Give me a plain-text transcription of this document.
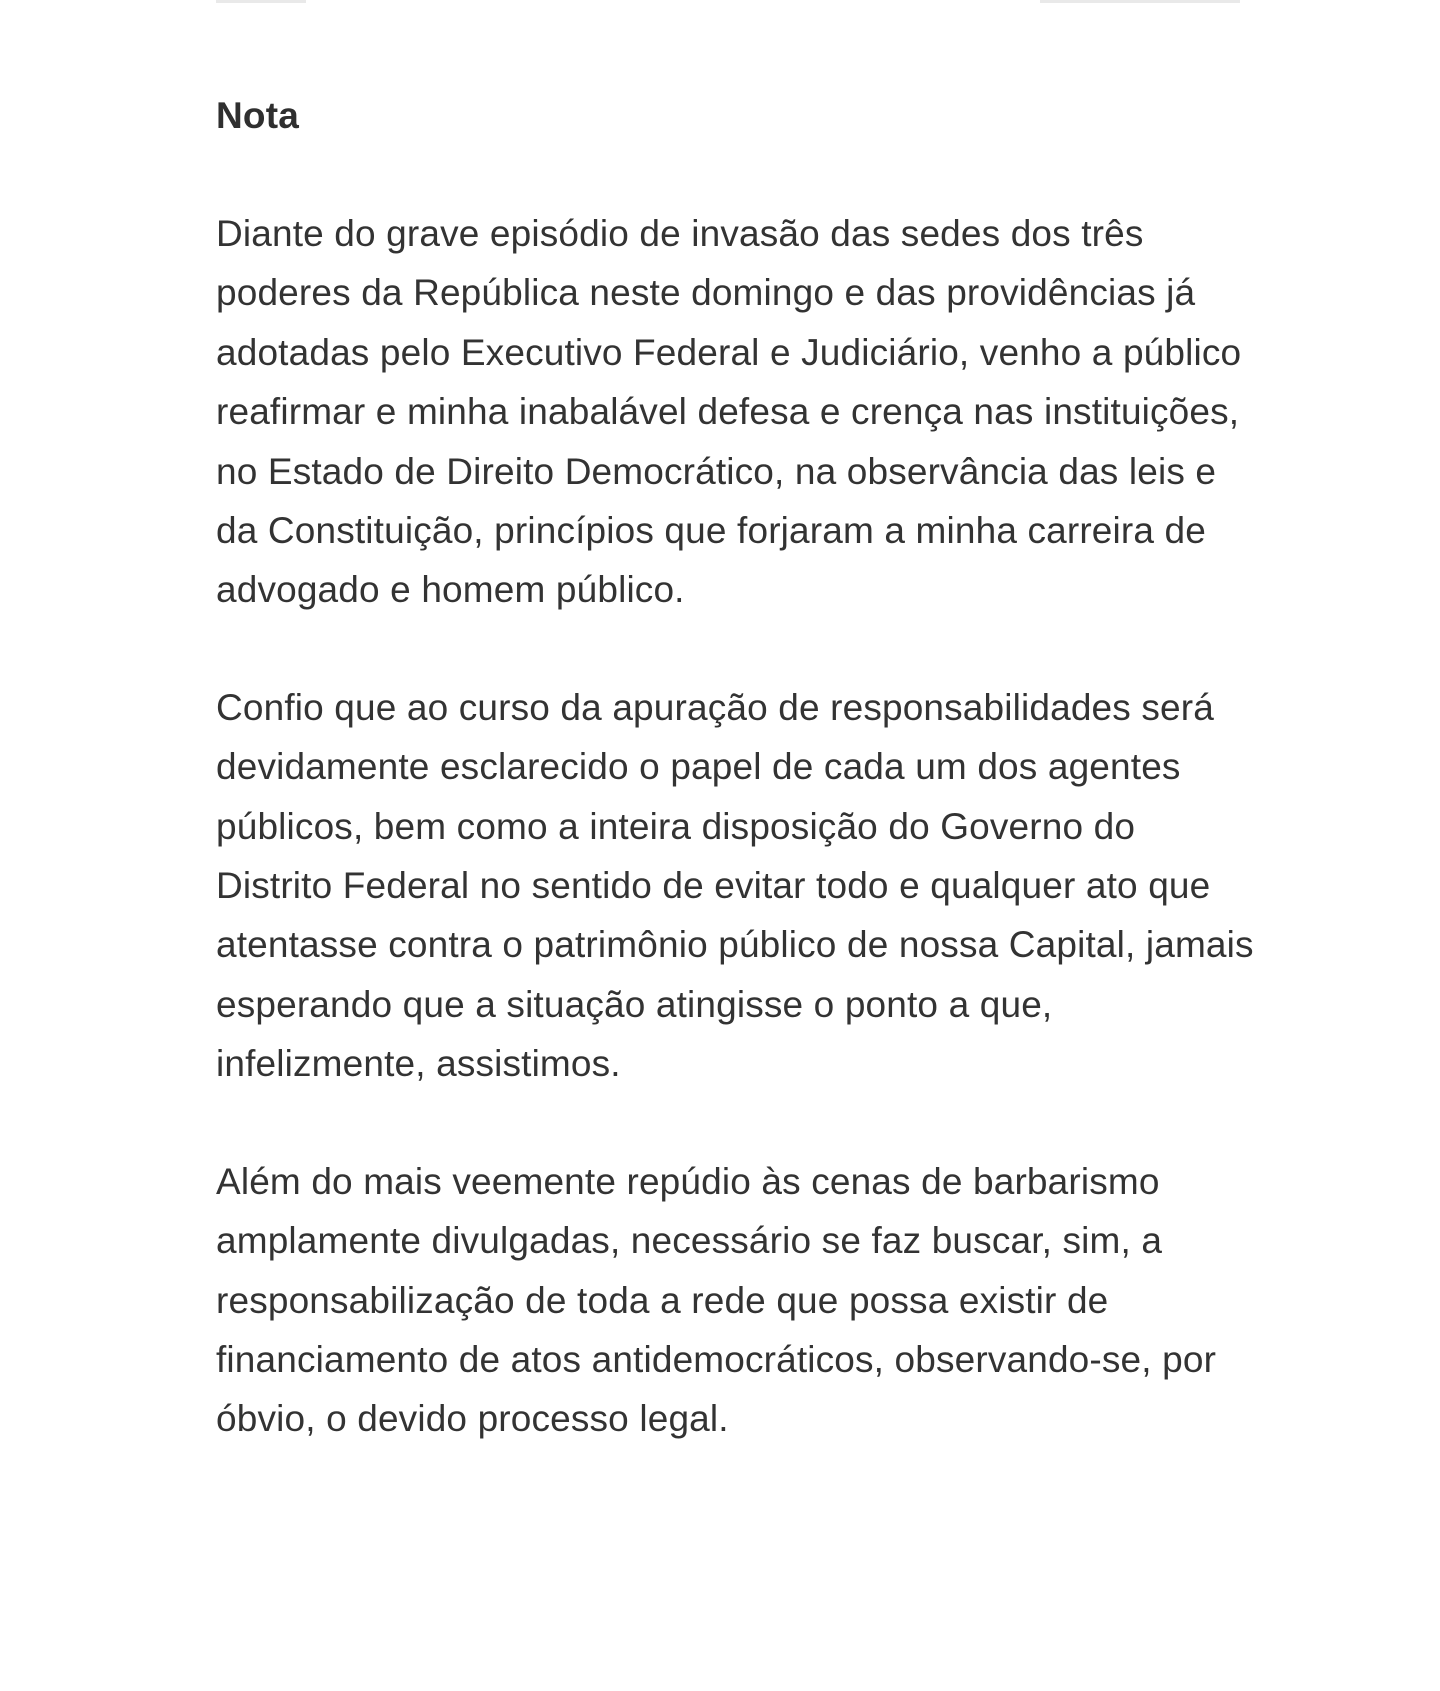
Nota

Diante do grave episódio de invasão das sedes dos três poderes da República neste domingo e das providências já adotadas pelo Executivo Federal e Judiciário, venho a público reafirmar e minha inabalável defesa e crença nas instituições, no Estado de Direito Democrático, na observância das leis e da Constituição, princípios que forjaram a minha carreira de advogado e homem público.

Confio que ao curso da apuração de responsabilidades será devidamente esclarecido o papel de cada um dos agentes públicos, bem como a inteira disposição do Governo do Distrito Federal no sentido de evitar todo e qualquer ato que atentasse contra o patrimônio público de nossa Capital, jamais esperando que a situação atingisse o ponto a que, infelizmente, assistimos.

Além do mais veemente repúdio às cenas de barbarismo amplamente divulgadas, necessário se faz buscar, sim, a responsabilização de toda a rede que possa existir de financiamento de atos antidemocráticos, observando-se, por óbvio, o devido processo legal.
